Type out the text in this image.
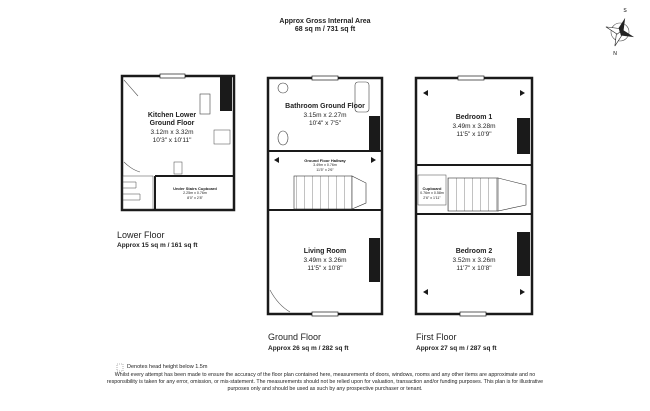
Approx Gross Internal Area
68 sq m / 731 sq ft
S
N
Kitchen Lower
Ground Floor
3.12m x 3.32m
10'3" x 10'11"
Under Stairs Cupboard
2.25m x 0.76m
8'0" x 2'8"
Lower Floor
Approx 15 sq m / 161 sq ft
Bathroom Ground Floor
3.15m x 2.27m
10'4" x 7'5"
Ground Floor Hallway
3.49m x 0.76m
11'5" x 2'6"
Living Room
3.49m x 3.26m
11'5" x 10'8"
Ground Floor
Approx 26 sq m / 282 sq ft
Bedroom 1
3.49m x 3.28m
11'5" x 10'9"
Cupboard
0.76m x 0.58m
2'6" x 1'11"
Bedroom 2
3.52m x 3.26m
11'7" x 10'8"
First Floor
Approx 27 sq m / 287 sq ft
Denotes head height below 1.5m
Whilst every attempt has been made to ensure the accuracy of the floor plan contained here, measurements of doors, windows, rooms and any other items are approximate and no responsibility is taken for any error, omission, or mis-statement. The measurements should not be relied upon for valuation, transaction and/or funding purposes. This plan is for illustrative purposes only and should be used as such by any prospective purchaser or tenant.
